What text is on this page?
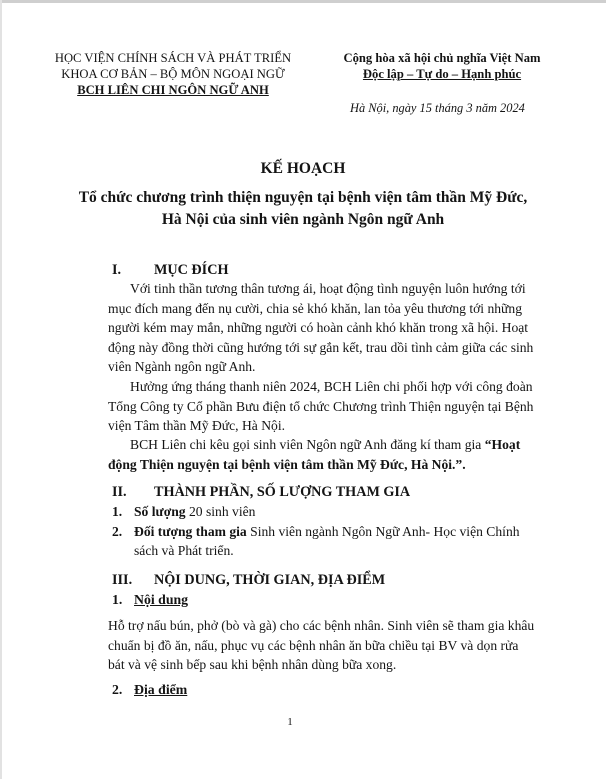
HỌC VIỆN CHÍNH SÁCH VÀ PHÁT TRIỂN
KHOA CƠ BẢN – BỘ MÔN NGOẠI NGỮ
BCH LIÊN CHI NGÔN NGỮ ANH
Cộng hòa xã hội chủ nghĩa Việt Nam
Độc lập – Tự do – Hạnh phúc
Hà Nội, ngày 15 tháng 3 năm 2024
KẾ HOẠCH
Tổ chức chương trình thiện nguyện tại bệnh viện tâm thần Mỹ Đức,
Hà Nội của sinh viên ngành Ngôn ngữ Anh
I. MỤC ĐÍCH
Với tinh thần tương thân tương ái, hoạt động tình nguyện luôn hướng tới mục đích mang đến nụ cười, chia sẻ khó khăn, lan tỏa yêu thương tới những người kém may mắn, những người có hoàn cảnh khó khăn trong xã hội. Hoạt động này đồng thời cũng hướng tới sự gắn kết, trau dồi tình cảm giữa các sinh viên Ngành ngôn ngữ Anh.
Hưởng ứng tháng thanh niên 2024, BCH Liên chi phối hợp với công đoàn Tổng Công ty Cổ phần Bưu điện tổ chức Chương trình Thiện nguyện tại Bệnh viện Tâm thần Mỹ Đức, Hà Nội.
BCH Liên chi kêu gọi sinh viên Ngôn ngữ Anh đăng kí tham gia “Hoạt động Thiện nguyện tại bệnh viện tâm thần Mỹ Đức, Hà Nội.”.
II. THÀNH PHẦN, SỐ LƯỢNG THAM GIA
1. Số lượng 20 sinh viên
2. Đối tượng tham gia Sinh viên ngành Ngôn Ngữ Anh- Học viện Chính
sách và Phát triển.
III. NỘI DUNG, THỜI GIAN, ĐỊA ĐIỂM
1. Nội dung
Hỗ trợ nấu bún, phở (bò và gà) cho các bệnh nhân. Sinh viên sẽ tham gia khâu chuẩn bị đồ ăn, nấu, phục vụ các bệnh nhân ăn bữa chiều tại BV và dọn rửa bát và vệ sinh bếp sau khi bệnh nhân dùng bữa xong.
2. Địa điểm
1
